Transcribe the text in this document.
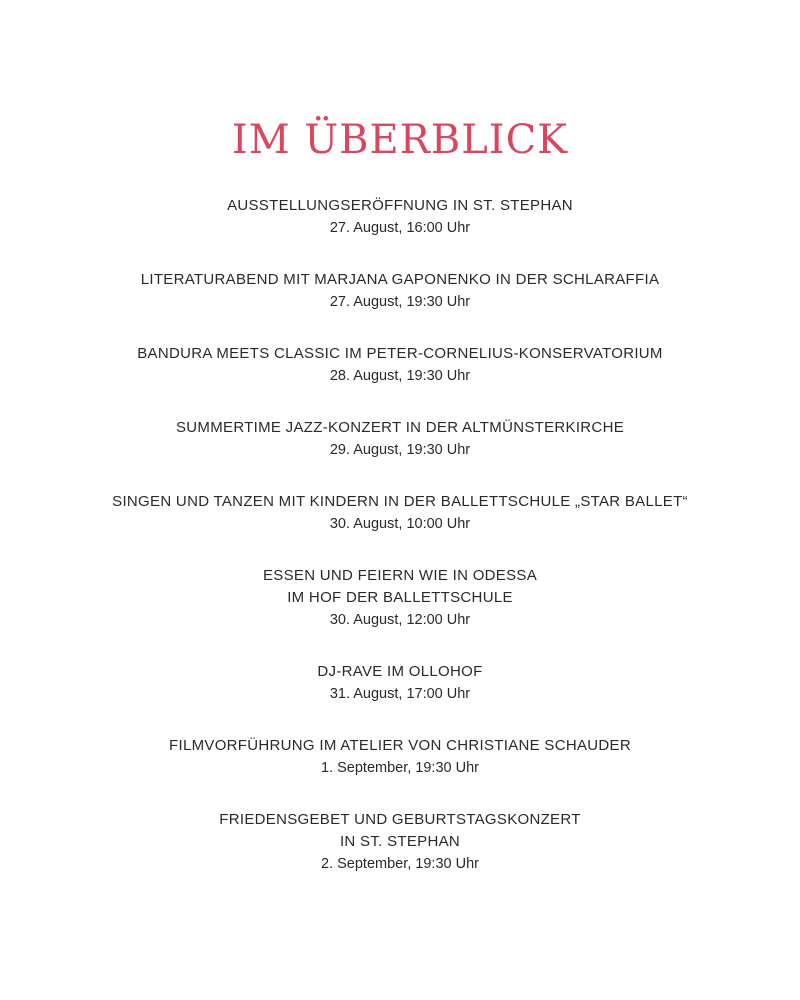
IM ÜBERBLICK
AUSSTELLUNGSERÖFFNUNG IN ST. STEPHAN
27. August, 16:00 Uhr
LITERATURABEND MIT MARJANA GAPONENKO IN DER SCHLARAFFIA
27. August, 19:30 Uhr
BANDURA MEETS CLASSIC IM PETER-CORNELIUS-KONSERVATORIUM
28. August, 19:30 Uhr
SUMMERTIME JAZZ-KONZERT IN DER ALTMÜNSTERKIRCHE
29. August, 19:30 Uhr
SINGEN UND TANZEN MIT KINDERN IN DER BALLETTSCHULE „STAR BALLET“
30. August, 10:00 Uhr
ESSEN UND FEIERN WIE IN ODESSA
IM HOF DER BALLETTSCHULE
30. August, 12:00 Uhr
DJ-RAVE IM OLLOHOF
31. August, 17:00 Uhr
FILMVORFÜHRUNG IM ATELIER VON CHRISTIANE SCHAUDER
1. September, 19:30 Uhr
FRIEDENSGEBET UND GEBURTSTAGSKONZERT
IN ST. STEPHAN
2. September, 19:30 Uhr
